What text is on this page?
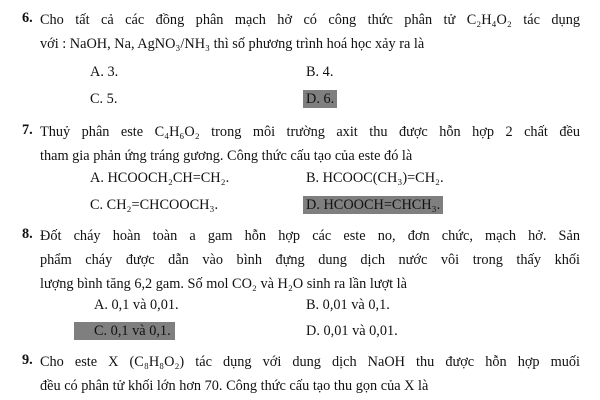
6. Cho tất cả các đồng phân mạch hở có công thức phân tử C₂H₄O₂ tác dụng
với : NaOH, Na, AgNO₃/NH₃ thì số phương trình hoá học xảy ra là
A. 3.	B. 4.
C. 5.	D. 6.
7. Thuỷ phân este C₄H₆O₂ trong môi trường axit thu được hỗn hợp 2 chất đều
tham gia phản ứng tráng gương. Công thức cấu tạo của este đó là
A. HCOOCH₂CH=CH₂.	B. HCOOC(CH₃)=CH₂.
C. CH₂=CHCOOCH₃.	D. HCOOCH=CHCH₃.
8. Đốt cháy hoàn toàn a gam hỗn hợp các este no, đơn chức, mạch hở. Sản
phẩm cháy được dẫn vào bình đựng dung dịch nước vôi trong thấy khối
lượng bình tăng 6,2 gam. Số mol CO₂ và H₂O sinh ra lần lượt là
A. 0,1 và 0,01.	B. 0,01 và 0,1.
C. 0,1 và 0,1.	D. 0,01 và 0,01.
9. Cho este X (C₈H₈O₂) tác dụng với dung dịch NaOH thu được hỗn hợp muối
đều có phân tử khối lớn hơn 70. Công thức cấu tạo thu gọn của X là
